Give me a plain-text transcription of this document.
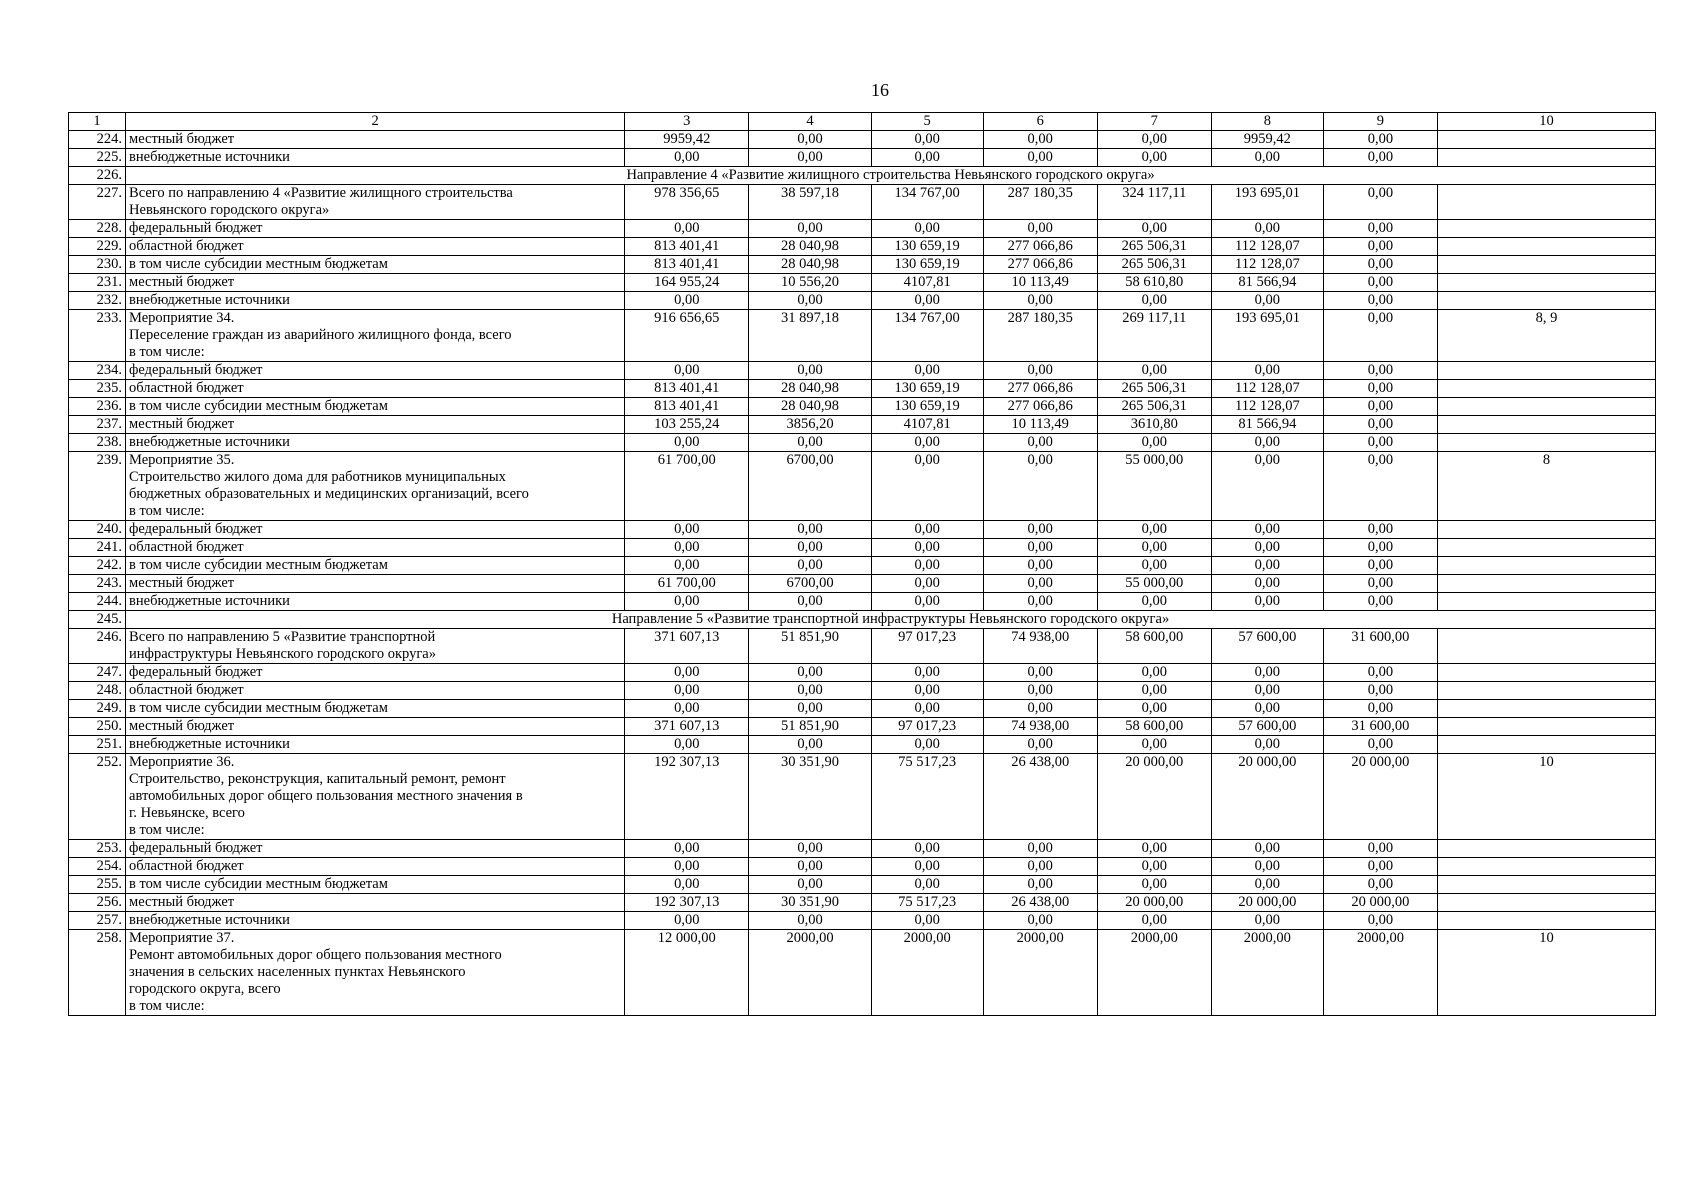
16
1	2	3	4	5	6	7	8	9	10
224.	местный бюджет	9959,42	0,00	0,00	0,00	0,00	9959,42	0,00	
225.	внебюджетные источники	0,00	0,00	0,00	0,00	0,00	0,00	0,00	
226.	Направление 4 «Развитие жилищного строительства Невьянского городского округа»								
227.	Всего по направлению 4 «Развитие жилищного строительства
Невьянского городского округа»	978 356,65	38 597,18	134 767,00	287 180,35	324 117,11	193 695,01	0,00	
228.	федеральный бюджет	0,00	0,00	0,00	0,00	0,00	0,00	0,00	
229.	областной бюджет	813 401,41	28 040,98	130 659,19	277 066,86	265 506,31	112 128,07	0,00	
230.	в том числе субсидии местным бюджетам	813 401,41	28 040,98	130 659,19	277 066,86	265 506,31	112 128,07	0,00	
231.	местный бюджет	164 955,24	10 556,20	4107,81	10 113,49	58 610,80	81 566,94	0,00	
232.	внебюджетные источники	0,00	0,00	0,00	0,00	0,00	0,00	0,00	
233.	Мероприятие 34.
Переселение граждан из аварийного жилищного фонда, всего
в том числе:	916 656,65	31 897,18	134 767,00	287 180,35	269 117,11	193 695,01	0,00	8, 9
234.	федеральный бюджет	0,00	0,00	0,00	0,00	0,00	0,00	0,00	
235.	областной бюджет	813 401,41	28 040,98	130 659,19	277 066,86	265 506,31	112 128,07	0,00	
236.	в том числе субсидии местным бюджетам	813 401,41	28 040,98	130 659,19	277 066,86	265 506,31	112 128,07	0,00	
237.	местный бюджет	103 255,24	3856,20	4107,81	10 113,49	3610,80	81 566,94	0,00	
238.	внебюджетные источники	0,00	0,00	0,00	0,00	0,00	0,00	0,00	
239.	Мероприятие 35.
Строительство жилого дома для работников муниципальных
бюджетных образовательных и медицинских организаций, всего
в том числе:	61 700,00	6700,00	0,00	0,00	55 000,00	0,00	0,00	8
240.	федеральный бюджет	0,00	0,00	0,00	0,00	0,00	0,00	0,00	
241.	областной бюджет	0,00	0,00	0,00	0,00	0,00	0,00	0,00	
242.	в том числе субсидии местным бюджетам	0,00	0,00	0,00	0,00	0,00	0,00	0,00	
243.	местный бюджет	61 700,00	6700,00	0,00	0,00	55 000,00	0,00	0,00	
244.	внебюджетные источники	0,00	0,00	0,00	0,00	0,00	0,00	0,00	
245.	Направление 5 «Развитие транспортной инфраструктуры Невьянского городского округа»								
246.	Всего по направлению 5 «Развитие транспортной
инфраструктуры Невьянского городского округа»	371 607,13	51 851,90	97 017,23	74 938,00	58 600,00	57 600,00	31 600,00	
247.	федеральный бюджет	0,00	0,00	0,00	0,00	0,00	0,00	0,00	
248.	областной бюджет	0,00	0,00	0,00	0,00	0,00	0,00	0,00	
249.	в том числе субсидии местным бюджетам	0,00	0,00	0,00	0,00	0,00	0,00	0,00	
250.	местный бюджет	371 607,13	51 851,90	97 017,23	74 938,00	58 600,00	57 600,00	31 600,00	
251.	внебюджетные источники	0,00	0,00	0,00	0,00	0,00	0,00	0,00	
252.	Мероприятие 36.
Строительство, реконструкция, капитальный ремонт, ремонт
автомобильных дорог общего пользования местного значения в
г. Невьянске, всего
в том числе:	192 307,13	30 351,90	75 517,23	26 438,00	20 000,00	20 000,00	20 000,00	10
253.	федеральный бюджет	0,00	0,00	0,00	0,00	0,00	0,00	0,00	
254.	областной бюджет	0,00	0,00	0,00	0,00	0,00	0,00	0,00	
255.	в том числе субсидии местным бюджетам	0,00	0,00	0,00	0,00	0,00	0,00	0,00	
256.	местный бюджет	192 307,13	30 351,90	75 517,23	26 438,00	20 000,00	20 000,00	20 000,00	
257.	внебюджетные источники	0,00	0,00	0,00	0,00	0,00	0,00	0,00	
258.	Мероприятие 37.
Ремонт автомобильных дорог общего пользования местного
значения в сельских населенных пунктах Невьянского
городского округа, всего
в том числе:	12 000,00	2000,00	2000,00	2000,00	2000,00	2000,00	2000,00	10
